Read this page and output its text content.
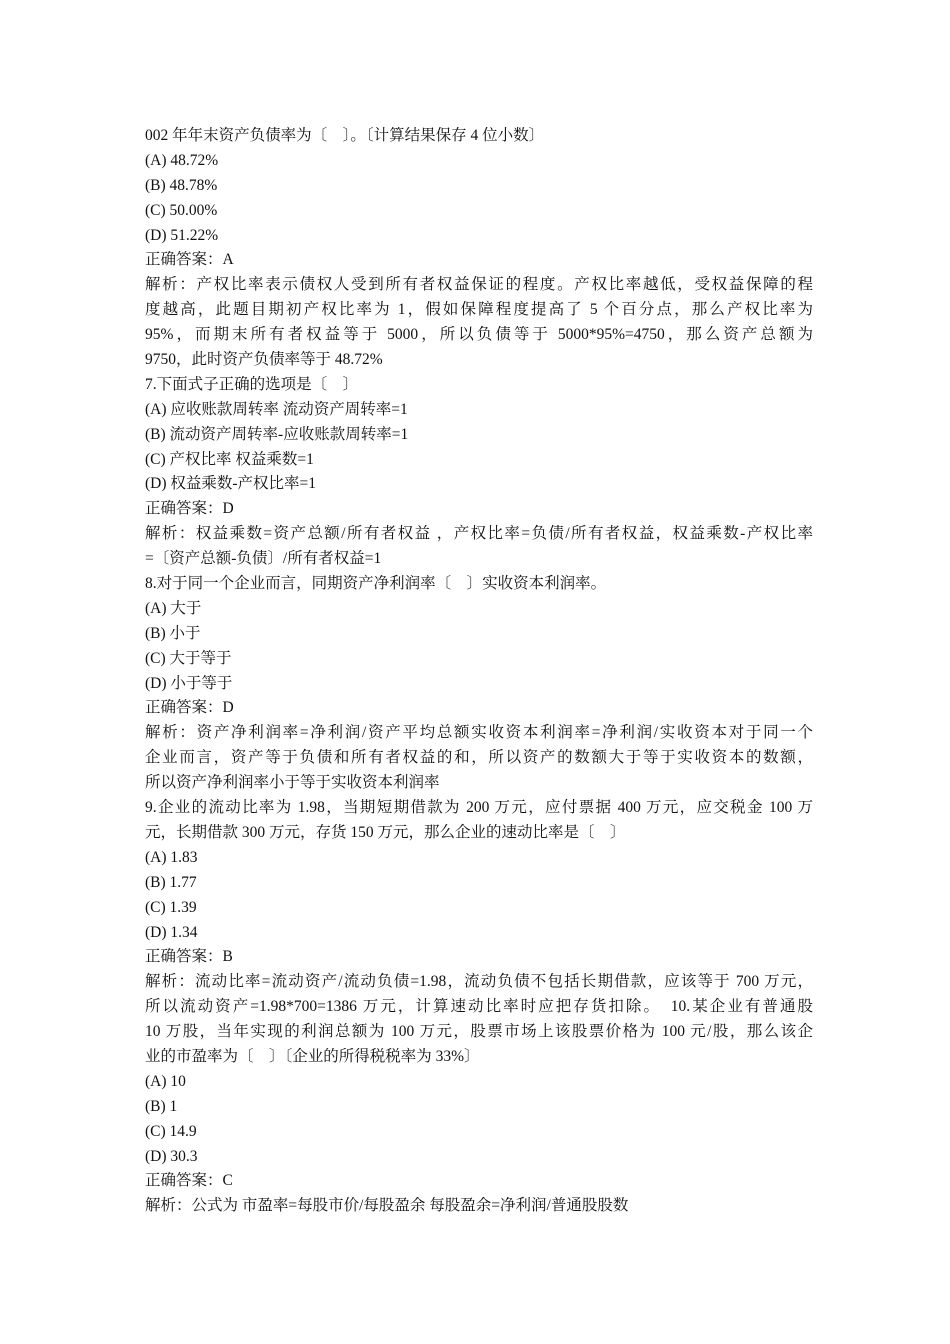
002 年年末资产负债率为〔　〕。〔计算结果保存 4 位小数〕
(A) 48.72%
(B) 48.78%
(C) 50.00%
(D) 51.22%
正确答案：A
解析：产权比率表示债权人受到所有者权益保证的程度。产权比率越低，受权益保障的程
度越高，此题目期初产权比率为 1，假如保障程度提高了 5 个百分点，那么产权比率为
95%，而期末所有者权益等于 5000，所以负债等于 5000*95%=4750，那么资产总额为
9750，此时资产负债率等于 48.72%
7.下面式子正确的选项是〔　〕
(A) 应收账款周转率 流动资产周转率=1
(B) 流动资产周转率-应收账款周转率=1
(C) 产权比率 权益乘数=1
(D) 权益乘数-产权比率=1
正确答案：D
解析：权益乘数=资产总额/所有者权益 ，产权比率=负债/所有者权益，权益乘数-产权比率
=〔资产总额-负债〕/所有者权益=1
8.对于同一个企业而言，同期资产净利润率〔　〕实收资本利润率。
(A) 大于
(B) 小于
(C) 大于等于
(D) 小于等于
正确答案：D
解析：资产净利润率=净利润/资产平均总额实收资本利润率=净利润/实收资本对于同一个
企业而言，资产等于负债和所有者权益的和，所以资产的数额大于等于实收资本的数额，
所以资产净利润率小于等于实收资本利润率
9.企业的流动比率为 1.98，当期短期借款为 200 万元，应付票据 400 万元，应交税金 100 万
元，长期借款 300 万元，存货 150 万元，那么企业的速动比率是〔　〕
(A) 1.83
(B) 1.77
(C) 1.39
(D) 1.34
正确答案：B
解析：流动比率=流动资产/流动负债=1.98，流动负债不包括长期借款，应该等于 700 万元，
所以流动资产=1.98*700=1386 万元，计算速动比率时应把存货扣除。　10.某企业有普通股
10 万股，当年实现的利润总额为 100 万元，股票市场上该股票价格为 100 元/股，那么该企
业的市盈率为〔　〕〔企业的所得税税率为 33%〕
(A) 10
(B) 1
(C) 14.9
(D) 30.3
正确答案：C
解析：公式为 市盈率=每股市价/每股盈余 每股盈余=净利润/普通股股数
